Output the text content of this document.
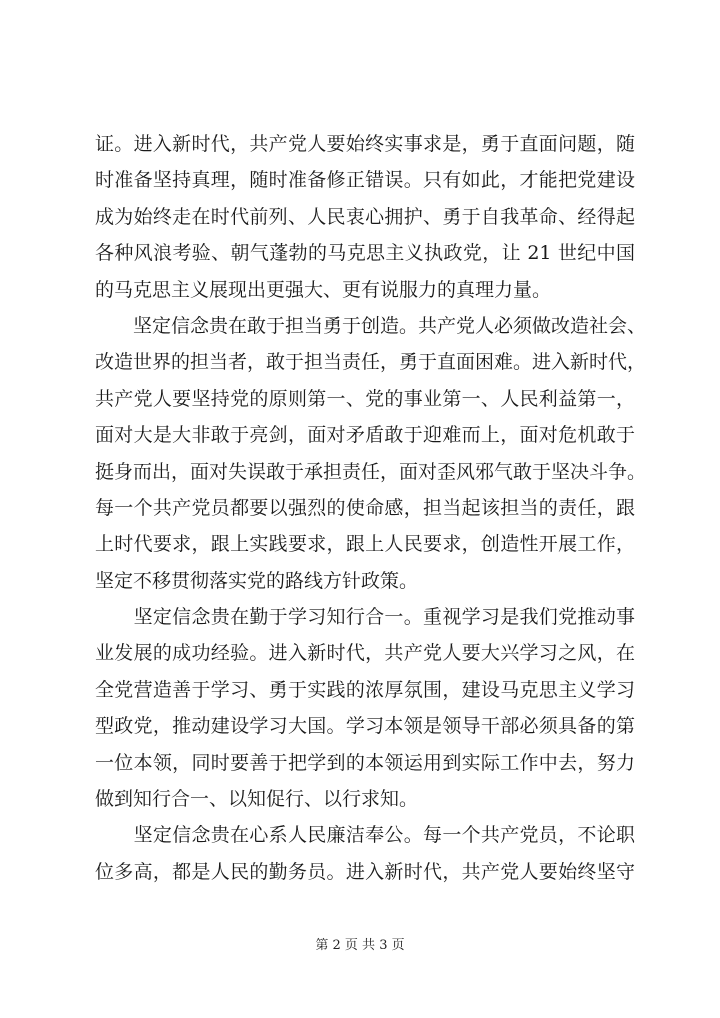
证。进入新时代，共产党人要始终实事求是，勇于直面问题，随
时准备坚持真理，随时准备修正错误。只有如此，才能把党建设
成为始终走在时代前列、人民衷心拥护、勇于自我革命、经得起
各种风浪考验、朝气蓬勃的马克思主义执政党，让 21 世纪中国
的马克思主义展现出更强大、更有说服力的真理力量。
　　坚定信念贵在敢于担当勇于创造。共产党人必须做改造社会、
改造世界的担当者，敢于担当责任，勇于直面困难。进入新时代，
共产党人要坚持党的原则第一、党的事业第一、人民利益第一，
面对大是大非敢于亮剑，面对矛盾敢于迎难而上，面对危机敢于
挺身而出，面对失误敢于承担责任，面对歪风邪气敢于坚决斗争。
每一个共产党员都要以强烈的使命感，担当起该担当的责任，跟
上时代要求，跟上实践要求，跟上人民要求，创造性开展工作，
坚定不移贯彻落实党的路线方针政策。
　　坚定信念贵在勤于学习知行合一。重视学习是我们党推动事
业发展的成功经验。进入新时代，共产党人要大兴学习之风，在
全党营造善于学习、勇于实践的浓厚氛围，建设马克思主义学习
型政党，推动建设学习大国。学习本领是领导干部必须具备的第
一位本领，同时要善于把学到的本领运用到实际工作中去，努力
做到知行合一、以知促行、以行求知。
　　坚定信念贵在心系人民廉洁奉公。每一个共产党员，不论职
位多高，都是人民的勤务员。进入新时代，共产党人要始终坚守
第 2 页 共 3 页
